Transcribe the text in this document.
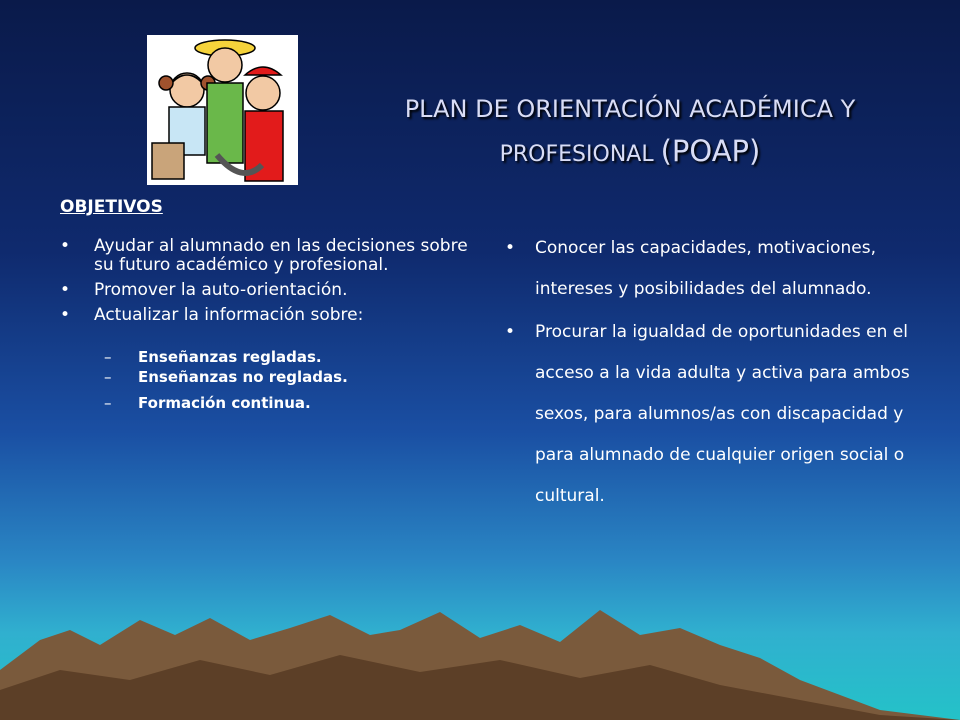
PLAN DE ORIENTACIÓN ACADÉMICA Y
PROFESIONAL (POAP)
OBJETIVOS
• Ayudar al alumnado en las decisiones sobre su futuro académico y profesional.
• Promover la auto-orientación.
• Actualizar la información sobre:
– Enseñanzas regladas.
– Enseñanzas no regladas.
– Formación continua.
• Conocer las capacidades, motivaciones, intereses y posibilidades del alumnado.
• Procurar la igualdad de oportunidades en el acceso a la vida adulta y activa para ambos sexos, para alumnos/as con discapacidad y para alumnado de cualquier origen social o cultural.
